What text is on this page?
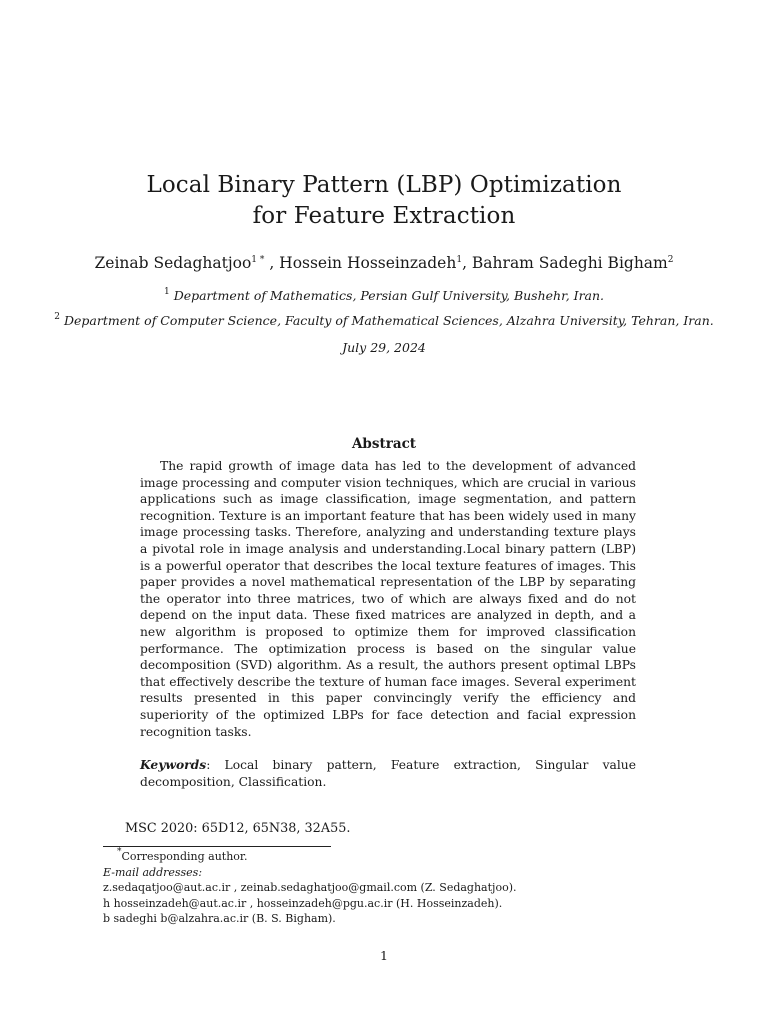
Local Binary Pattern (LBP) Optimization
for Feature Extraction
Zeinab Sedaghatjoo$^{1 *}$ , Hossein Hosseinzadeh$^1$, Bahram Sadeghi Bigham$^2$
$^1$ Department of Mathematics, Persian Gulf University, Bushehr, Iran.
$^2$ Department of Computer Science, Faculty of Mathematical Sciences, Alzahra University, Tehran, Iran.
July 29, 2024
Abstract

The rapid growth of image data has led to the development of advanced image processing and computer vision techniques, which are crucial in various applications such as image classification, image segmentation, and pattern recognition. Texture is an important feature that has been widely used in many image processing tasks. Therefore, analyzing and understanding texture plays a pivotal role in image analysis and understanding.Local binary pattern (LBP) is a powerful operator that describes the local texture features of images. This paper provides a novel mathematical representation of the LBP by separating the operator into three matrices, two of which are always fixed and do not depend on the input data. These fixed matrices are analyzed in depth, and a new algorithm is proposed to optimize them for improved classification performance. The optimization process is based on the singular value decomposition (SVD) algorithm. As a result, the authors present optimal LBPs that effectively describe the texture of human face images. Several experiment results presented in this paper convincingly verify the efficiency and superiority of the optimized LBPs for face detection and facial expression recognition tasks.

Keywords: Local binary pattern, Feature extraction, Singular value decomposition, Classification.

MSC 2020: 65D12, 65N38, 32A55.
*Corresponding author.
E-mail addresses:
z.sedaqatjoo@aut.ac.ir , zeinab.sedaghatjoo@gmail.com (Z. Sedaghatjoo).
h hosseinzadeh@aut.ac.ir , hosseinzadeh@pgu.ac.ir (H. Hosseinzadeh).
b sadeghi b@alzahra.ac.ir (B. S. Bigham).
1
